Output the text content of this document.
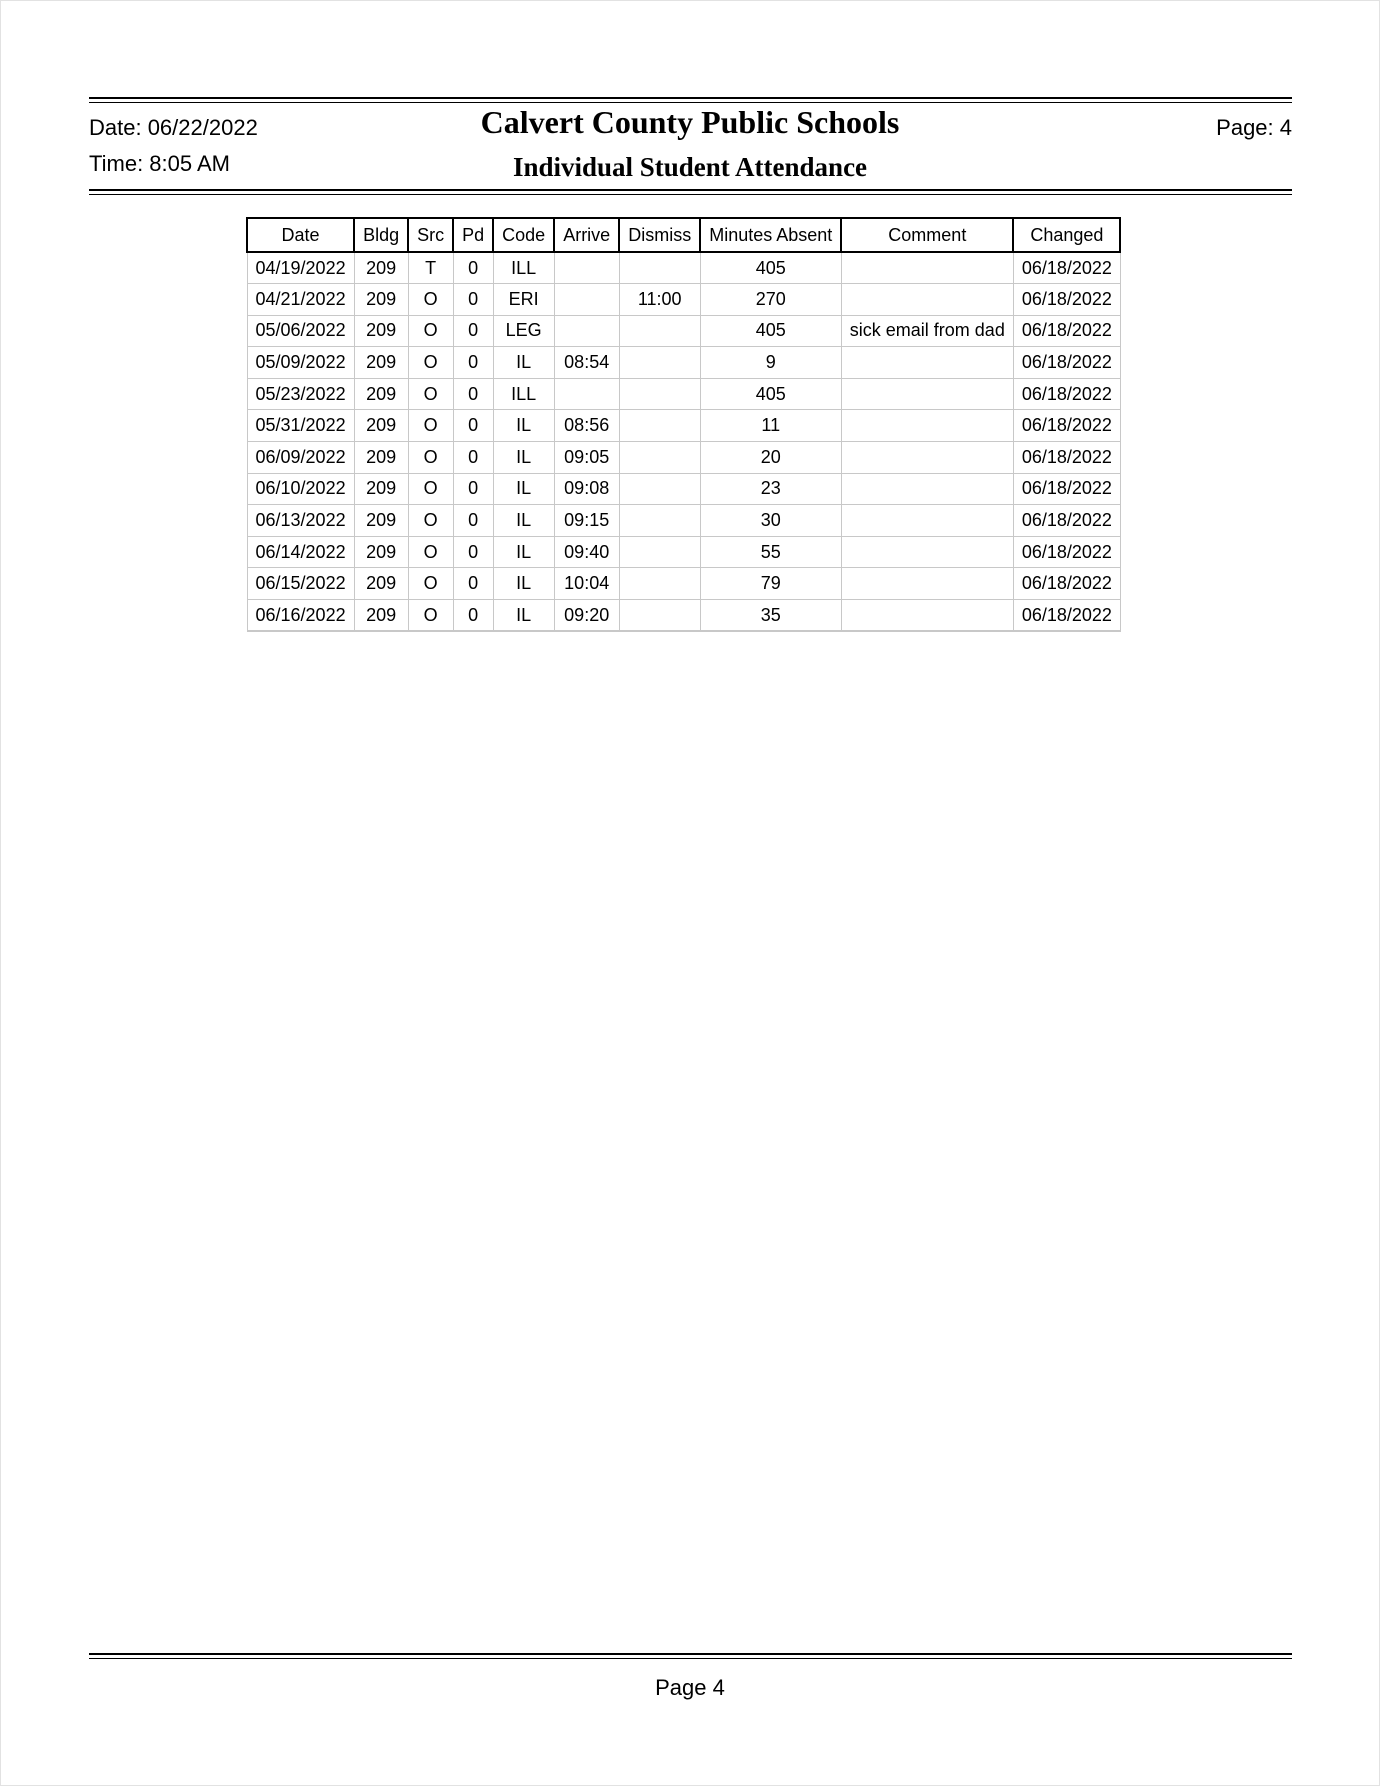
Date: 06/22/2022
Time: 8:05 AM
Calvert County Public Schools
Individual Student Attendance
Page: 4
Date	Bldg	Src	Pd	Code	Arrive	Dismiss	Minutes Absent	Comment	Changed
04/19/2022	209	T	0	ILL			405		06/18/2022
04/21/2022	209	O	0	ERI		11:00	270		06/18/2022
05/06/2022	209	O	0	LEG			405	sick email from dad	06/18/2022
05/09/2022	209	O	0	IL	08:54		9		06/18/2022
05/23/2022	209	O	0	ILL			405		06/18/2022
05/31/2022	209	O	0	IL	08:56		11		06/18/2022
06/09/2022	209	O	0	IL	09:05		20		06/18/2022
06/10/2022	209	O	0	IL	09:08		23		06/18/2022
06/13/2022	209	O	0	IL	09:15		30		06/18/2022
06/14/2022	209	O	0	IL	09:40		55		06/18/2022
06/15/2022	209	O	0	IL	10:04		79		06/18/2022
06/16/2022	209	O	0	IL	09:20		35		06/18/2022
Page 4
